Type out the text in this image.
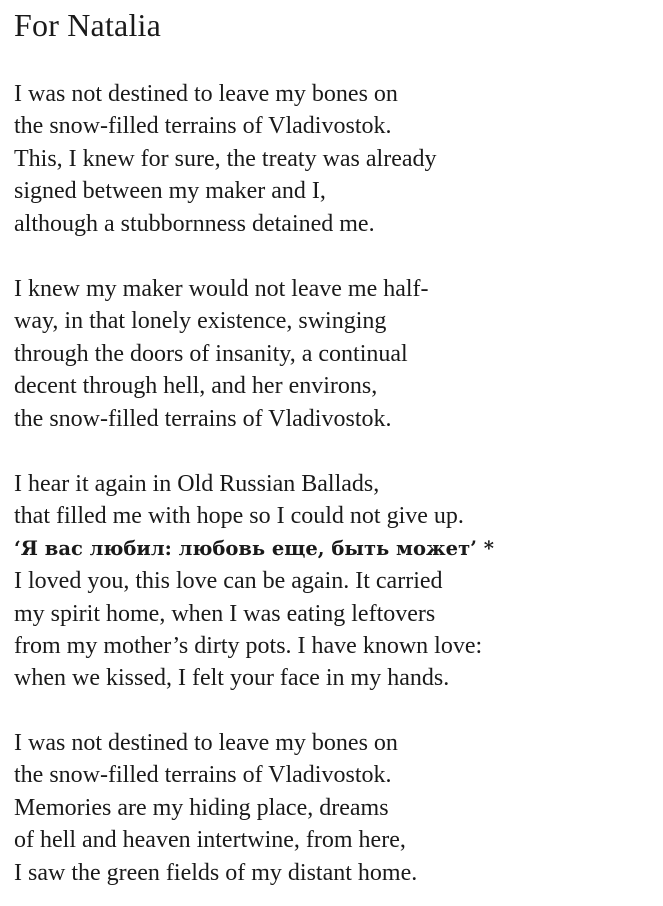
For Natalia
I was not destined to leave my bones on
the snow-filled terrains of Vladivostok.
This, I knew for sure, the treaty was already
signed between my maker and I,
although a stubbornness detained me.
I knew my maker would not leave me half-
way, in that lonely existence, swinging
through the doors of insanity, a continual
decent through hell, and her environs,
the snow-filled terrains of Vladivostok.
I hear it again in Old Russian Ballads,
that filled me with hope so I could not give up.
‘Я вас любил: любовь еще, быть может’ *
I loved you, this love can be again. It carried
my spirit home, when I was eating leftovers
from my mother’s dirty pots. I have known love:
when we kissed, I felt your face in my hands.
I was not destined to leave my bones on
the snow-filled terrains of Vladivostok.
Memories are my hiding place, dreams
of hell and heaven intertwine, from here,
I saw the green fields of my distant home.
